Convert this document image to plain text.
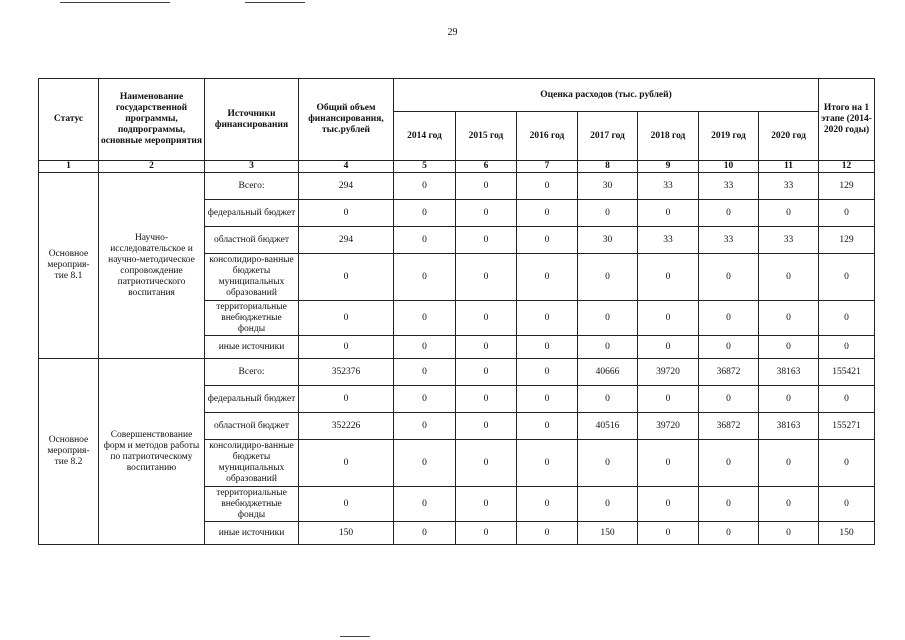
29
Статус	Наименование государственной программы, подпрограммы, основные мероприятия	Источники финансирования	Общий объем финансирования, тыс.рублей	Оценка расходов (тыс. рублей)							Итого на 1 этапе (2014-2020 годы)
				2014 год	2015 год	2016 год	2017 год	2018 год	2019 год	2020 год	
1	2	3	4	5	6	7	8	9	10	11	12
Основное мероприя-тие 8.1	Научно-исследовательское и научно-методическое сопровождение патриотического воспитания	Всего:	294	0	0	0	30	33	33	33	129
		федеральный бюджет	0	0	0	0	0	0	0	0	0
		областной бюджет	294	0	0	0	30	33	33	33	129
		консолидиро-ванные бюджеты муниципальных образований	0	0	0	0	0	0	0	0	0
		территориальные внебюджетные фонды	0	0	0	0	0	0	0	0	0
		иные источники	0	0	0	0	0	0	0	0	0
Основное мероприя-тие 8.2	Совершенствование форм и методов работы по патриотическому воспитанию	Всего:	352376	0	0	0	40666	39720	36872	38163	155421
		федеральный бюджет	0	0	0	0	0	0	0	0	0
		областной бюджет	352226	0	0	0	40516	39720	36872	38163	155271
		консолидиро-ванные бюджеты муниципальных образований	0	0	0	0	0	0	0	0	0
		территориальные внебюджетные фонды	0	0	0	0	0	0	0	0	0
		иные источники	150	0	0	0	150	0	0	0	150
